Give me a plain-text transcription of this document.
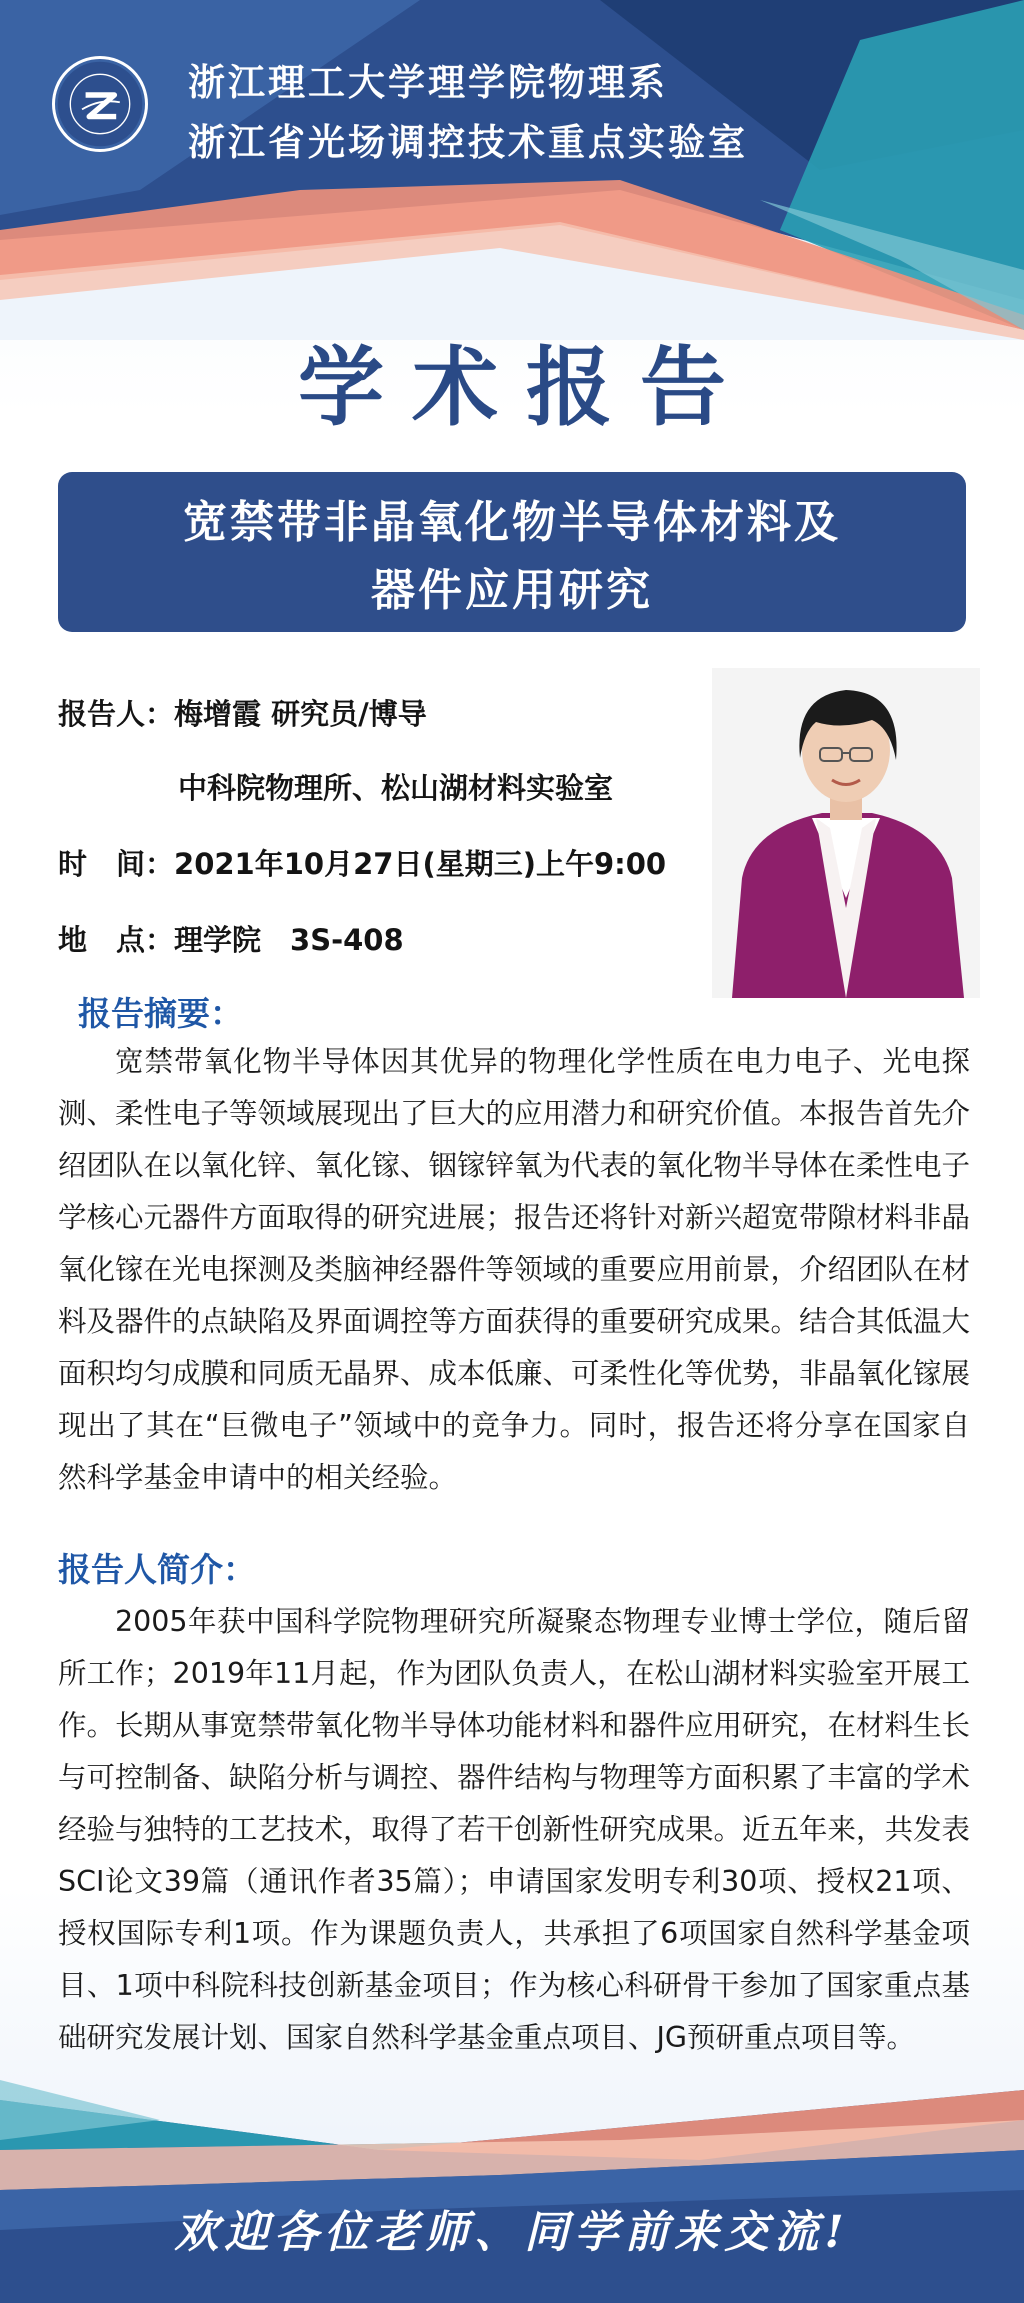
浙江理工大学理学院物理系
浙江省光场调控技术重点实验室
学术报告
宽禁带非晶氧化物半导体材料及
器件应用研究
报告人：梅增霞 研究员/博导
中科院物理所、松山湖材料实验室
时　间：2021年10月27日(星期三)上午9:00
地　点：理学院　3S-408
报告摘要：

宽禁带氧化物半导体因其优异的物理化学性质在电力电子、光电探测、柔性电子等领域展现出了巨大的应用潜力和研究价值。本报告首先介绍团队在以氧化锌、氧化镓、铟镓锌氧为代表的氧化物半导体在柔性电子学核心元器件方面取得的研究进展；报告还将针对新兴超宽带隙材料非晶氧化镓在光电探测及类脑神经器件等领域的重要应用前景，介绍团队在材料及器件的点缺陷及界面调控等方面获得的重要研究成果。结合其低温大面积均匀成膜和同质无晶界、成本低廉、可柔性化等优势，非晶氧化镓展现出了其在“巨微电子”领域中的竞争力。同时，报告还将分享在国家自然科学基金申请中的相关经验。

报告人简介：

2005年获中国科学院物理研究所凝聚态物理专业博士学位，随后留所工作；2019年11月起，作为团队负责人，在松山湖材料实验室开展工作。长期从事宽禁带氧化物半导体功能材料和器件应用研究，在材料生长与可控制备、缺陷分析与调控、器件结构与物理等方面积累了丰富的学术经验与独特的工艺技术，取得了若干创新性研究成果。近五年来，共发表SCI论文39篇（通讯作者35篇）；申请国家发明专利30项、授权21项、授权国际专利1项。作为课题负责人，共承担了6项国家自然科学基金项目、1项中科院科技创新基金项目；作为核心科研骨干参加了国家重点基础研究发展计划、国家自然科学基金重点项目、JG预研重点项目等。

欢迎各位老师、同学前来交流!
